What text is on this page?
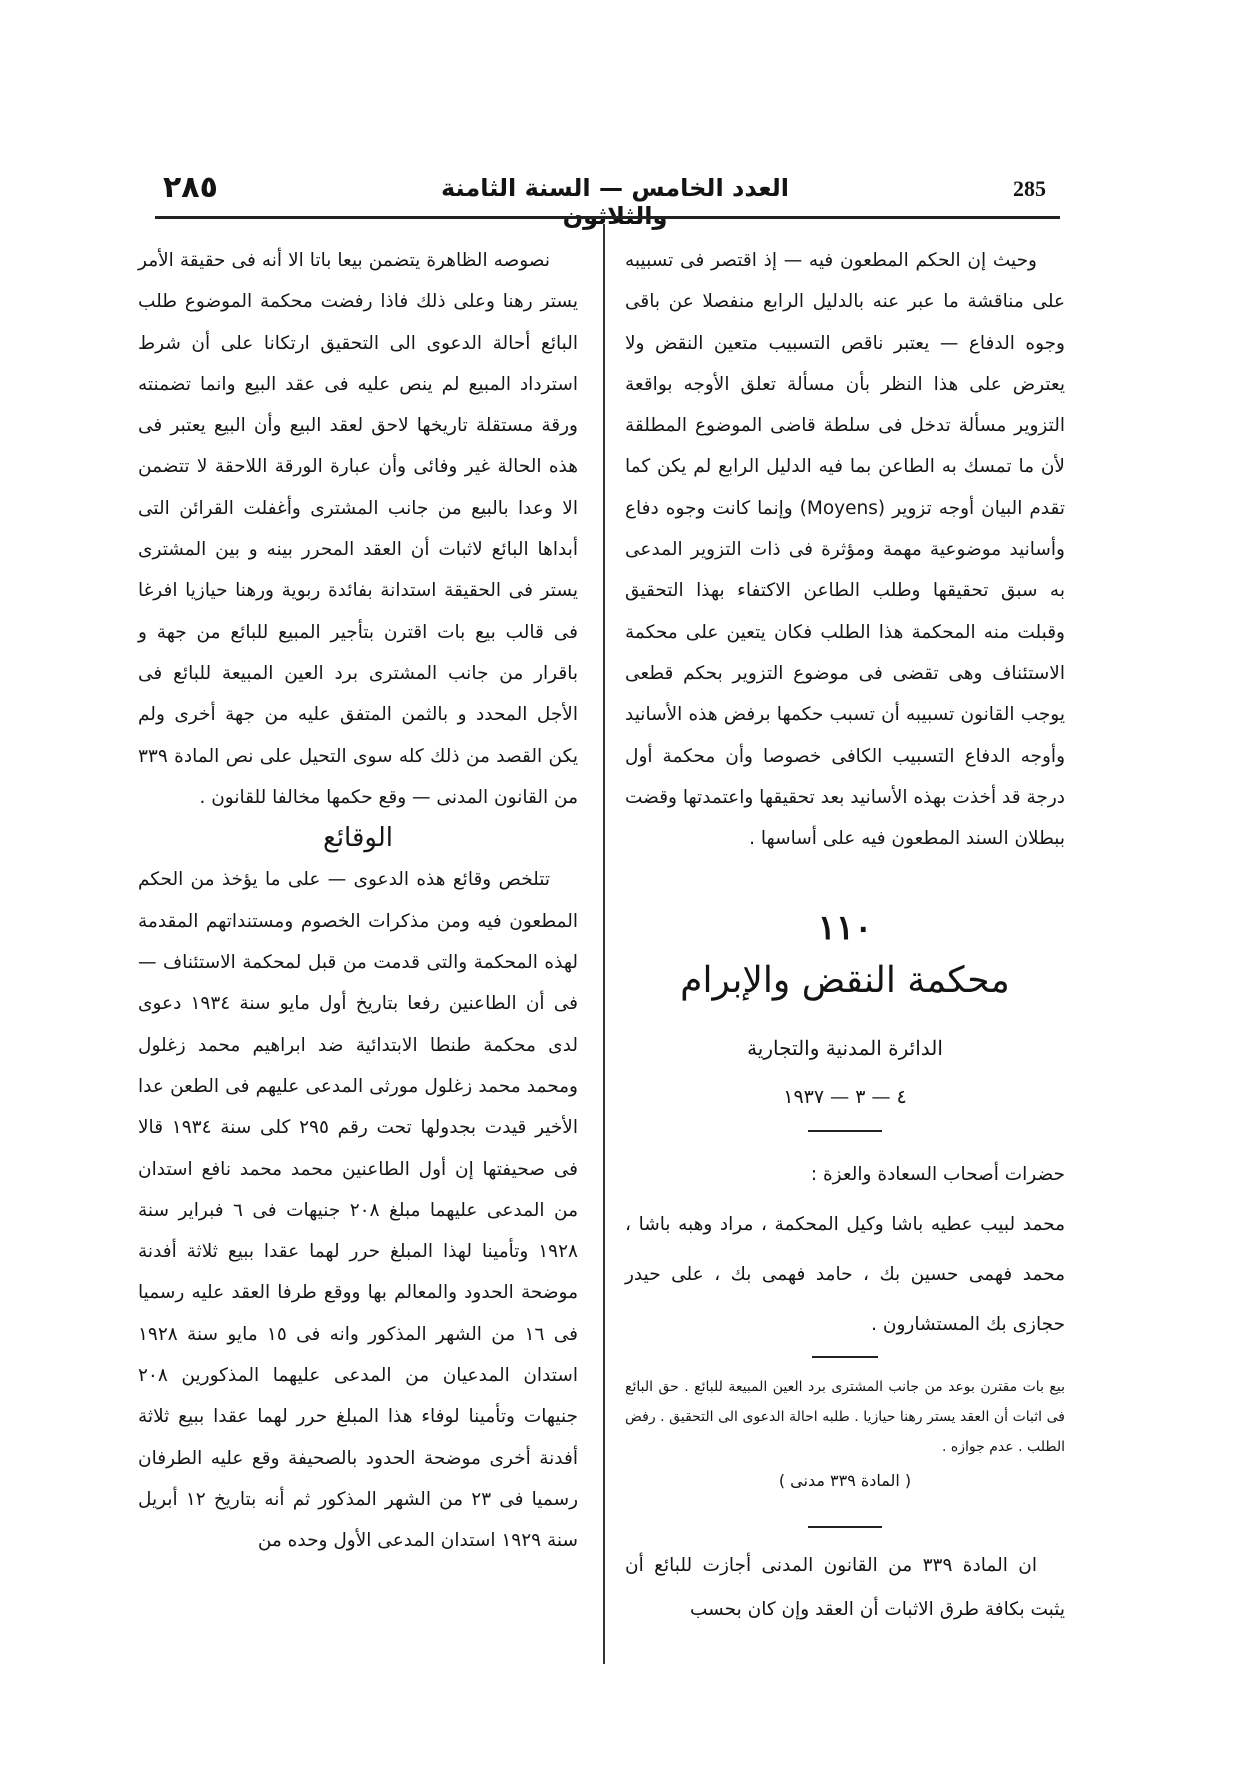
285
العدد الخامس — السنة الثامنة والثلاثون
٢٨٥

وحيث إن الحكم المطعون فيه — إذ اقتصر فى تسبيبه على مناقشة ما عبر عنه بالدليل الرابع منفصلا عن باقى وجوه الدفاع — يعتبر ناقص التسبيب متعين النقض ولا يعترض على هذا النظر بأن مسألة تعلق الأوجه بواقعة التزوير مسألة تدخل فى سلطة قاضى الموضوع المطلقة لأن ما تمسك به الطاعن بما فيه الدليل الرابع لم يكن كما تقدم البيان أوجه تزوير (Moyens) وإنما كانت وجوه دفاع وأسانيد موضوعية مهمة ومؤثرة فى ذات التزوير المدعى به سبق تحقيقها وطلب الطاعن الاكتفاء بهذا التحقيق وقبلت منه المحكمة هذا الطلب فكان يتعين على محكمة الاستئناف وهى تقضى فى موضوع التزوير بحكم قطعى يوجب القانون تسبيبه أن تسبب حكمها برفض هذه الأسانيد وأوجه الدفاع التسبيب الكافى خصوصا وأن محكمة أول درجة قد أخذت بهذه الأسانيد بعد تحقيقها واعتمدتها وقضت ببطلان السند المطعون فيه على أساسها .

١١٠
محكمة النقض والإبرام
الدائرة المدنية والتجارية
٤ — ٣ — ١٩٣٧

حضرات أصحاب السعادة والعزة :

محمد لبيب عطيه باشا وكيل المحكمة ، مراد وهبه باشا ، محمد فهمى حسين بك ، حامد فهمى بك ، على حيدر حجازى بك المستشارون .

بيع بات مقترن بوعد من جانب المشترى برد العين المبيعة للبائع . حق البائع فى اثبات أن العقد يستر رهنا حيازيا . طلبه احالة الدعوى الى التحقيق . رفض الطلب . عدم جوازه .

( المادة ٣٣٩ مدنى )

ان المادة ٣٣٩ من القانون المدنى أجازت للبائع أن يثبت بكافة طرق الاثبات أن العقد وإن كان بحسب

نصوصه الظاهرة يتضمن بيعا باتا الا أنه فى حقيقة الأمر يستر رهنا وعلى ذلك فاذا رفضت محكمة الموضوع طلب البائع أحالة الدعوى الى التحقيق ارتكانا على أن شرط استرداد المبيع لم ينص عليه فى عقد البيع وانما تضمنته ورقة مستقلة تاريخها لاحق لعقد البيع وأن البيع يعتبر فى هذه الحالة غير وفائى وأن عبارة الورقة اللاحقة لا تتضمن الا وعدا بالبيع من جانب المشترى وأغفلت القرائن التى أبداها البائع لاثبات أن العقد المحرر بينه و بين المشترى يستر فى الحقيقة استدانة بفائدة ربوية ورهنا حيازيا افرغا فى قالب بيع بات اقترن بتأجير المبيع للبائع من جهة و باقرار من جانب المشترى برد العين المبيعة للبائع فى الأجل المحدد و بالثمن المتفق عليه من جهة أخرى ولم يكن القصد من ذلك كله سوى التحيل على نص المادة ٣٣٩ من القانون المدنى — وقع حكمها مخالفا للقانون .

الوقائع

تتلخص وقائع هذه الدعوى — على ما يؤخذ من الحكم المطعون فيه ومن مذكرات الخصوم ومستنداتهم المقدمة لهذه المحكمة والتى قدمت من قبل لمحكمة الاستئناف — فى أن الطاعنين رفعا بتاريخ أول مايو سنة ١٩٣٤ دعوى لدى محكمة طنطا الابتدائية ضد ابراهيم محمد زغلول ومحمد محمد زغلول مورثى المدعى عليهم فى الطعن عدا الأخير قيدت بجدولها تحت رقم ٢٩٥ كلى سنة ١٩٣٤ قالا فى صحيفتها إن أول الطاعنين محمد محمد نافع استدان من المدعى عليهما مبلغ ٢٠٨ جنيهات فى ٦ فبراير سنة ١٩٢٨ وتأمينا لهذا المبلغ حرر لهما عقدا ببيع ثلاثة أفدنة موضحة الحدود والمعالم بها ووقع طرفا العقد عليه رسميا فى ١٦ من الشهر المذكور وانه فى ١٥ مايو سنة ١٩٢٨ استدان المدعيان من المدعى عليهما المذكورين ٢٠٨ جنيهات وتأمينا لوفاء هذا المبلغ حرر لهما عقدا ببيع ثلاثة أفدنة أخرى موضحة الحدود بالصحيفة وقع عليه الطرفان رسميا فى ٢٣ من الشهر المذكور ثم أنه بتاريخ ١٢ أبريل سنة ١٩٢٩ استدان المدعى الأول وحده من
